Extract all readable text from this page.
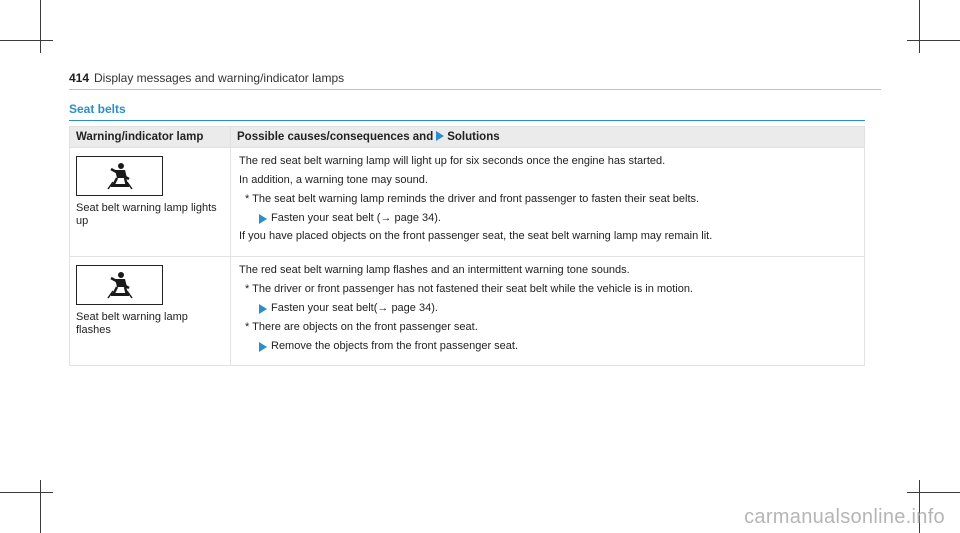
414 Display messages and warning/indicator lamps
Seat belts
Warning/indicator lamp	Possible causes/consequences and Solutions

Seat belt warning lamp lights up	The red seat belt warning lamp will light up for six seconds once the engine has started.
In addition, a warning tone may sound.
* The seat belt warning lamp reminds the driver and front passenger to fasten their seat belts.
Fasten your seat belt (→ page 34).
If you have placed objects on the front passenger seat, the seat belt warning lamp may remain lit.

Seat belt warning lamp flashes	The red seat belt warning lamp flashes and an intermittent warning tone sounds.
* The driver or front passenger has not fastened their seat belt while the vehicle is in motion.
Fasten your seat belt(→ page 34).
* There are objects on the front passenger seat.
Remove the objects from the front passenger seat.
carmanualsonline.info
